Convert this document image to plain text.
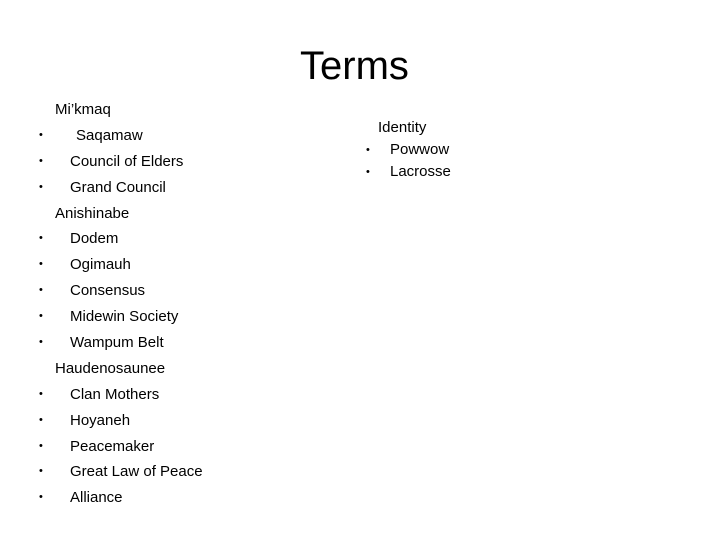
Terms
Mi’kmaq
• Saqamaw
• Council of Elders
• Grand Council
Anishinabe
• Dodem
• Ogimauh
• Consensus
• Midewin Society
• Wampum Belt
Haudenosaunee
• Clan Mothers
• Hoyaneh
• Peacemaker
• Great Law of Peace
• Alliance
Identity
• Powwow
• Lacrosse
